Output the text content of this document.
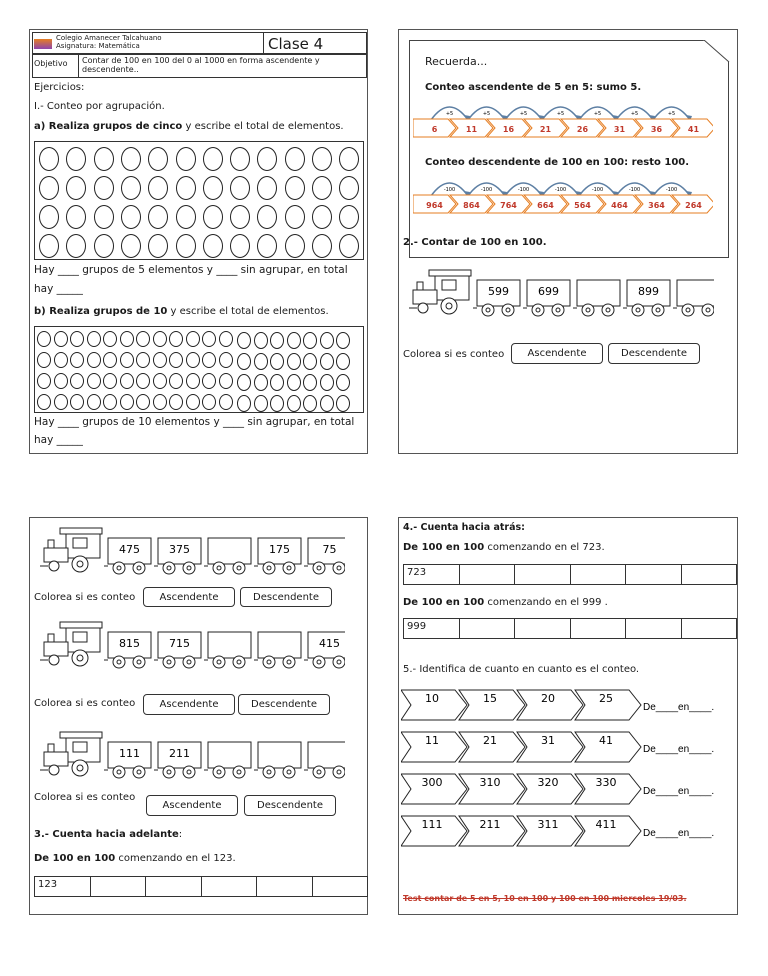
Colegio Amanecer Talcahuano
Asignatura: Matemática	Clase 4
Objetivo Contar de 100 en 100 del 0 al 1000 en forma ascendente y descendente..
Ejercicios:
I.- Conteo por agrupación.
a) Realiza grupos de cinco y escribe el total de elementos.
Hay ____ grupos de 5 elementos y ____ sin agrupar, en total
hay _____
b) Realiza grupos de 10 y escribe el total de elementos.
Hay ____ grupos de 10 elementos y ____ sin agrupar, en total
hay _____
Recuerda...
Conteo ascendente de 5 en 5: sumo 5.
+5	+5	+5	+5	+5	+5	+5
6	11	16	21	26	31	36	41
Conteo descendente de 100 en 100: resto 100.
-100	-100	-100	-100	-100	-100	-100
964	864	764	664	564	464	364	264
2.- Contar de 100 en 100.
599	699	899
Colorea si es conteo	Ascendente	Descendente
475	375	175	75
Colorea si es conteo	Ascendente	Descendente
815	715	415
Colorea si es conteo	Ascendente	Descendente
111	211
Colorea si es conteo
Ascendente	Descendente
3.- Cuenta hacia adelante:
De 100 en 100 comenzando en el 123.
123
4.- Cuenta hacia atrás:
De 100 en 100 comenzando en el 723.
723
De 100 en 100 comenzando en el 999 .
999
5.- Identifica de cuanto en cuanto es el conteo.
10	15	20	25
De____en____.
11	21	31	41
De____en____.
300	310	320	330
De____en____.
111	211	311	411
De____en____.
Test contar de 5 en 5, 10 en 100 y 100 en 100 miercoles 19/03.
